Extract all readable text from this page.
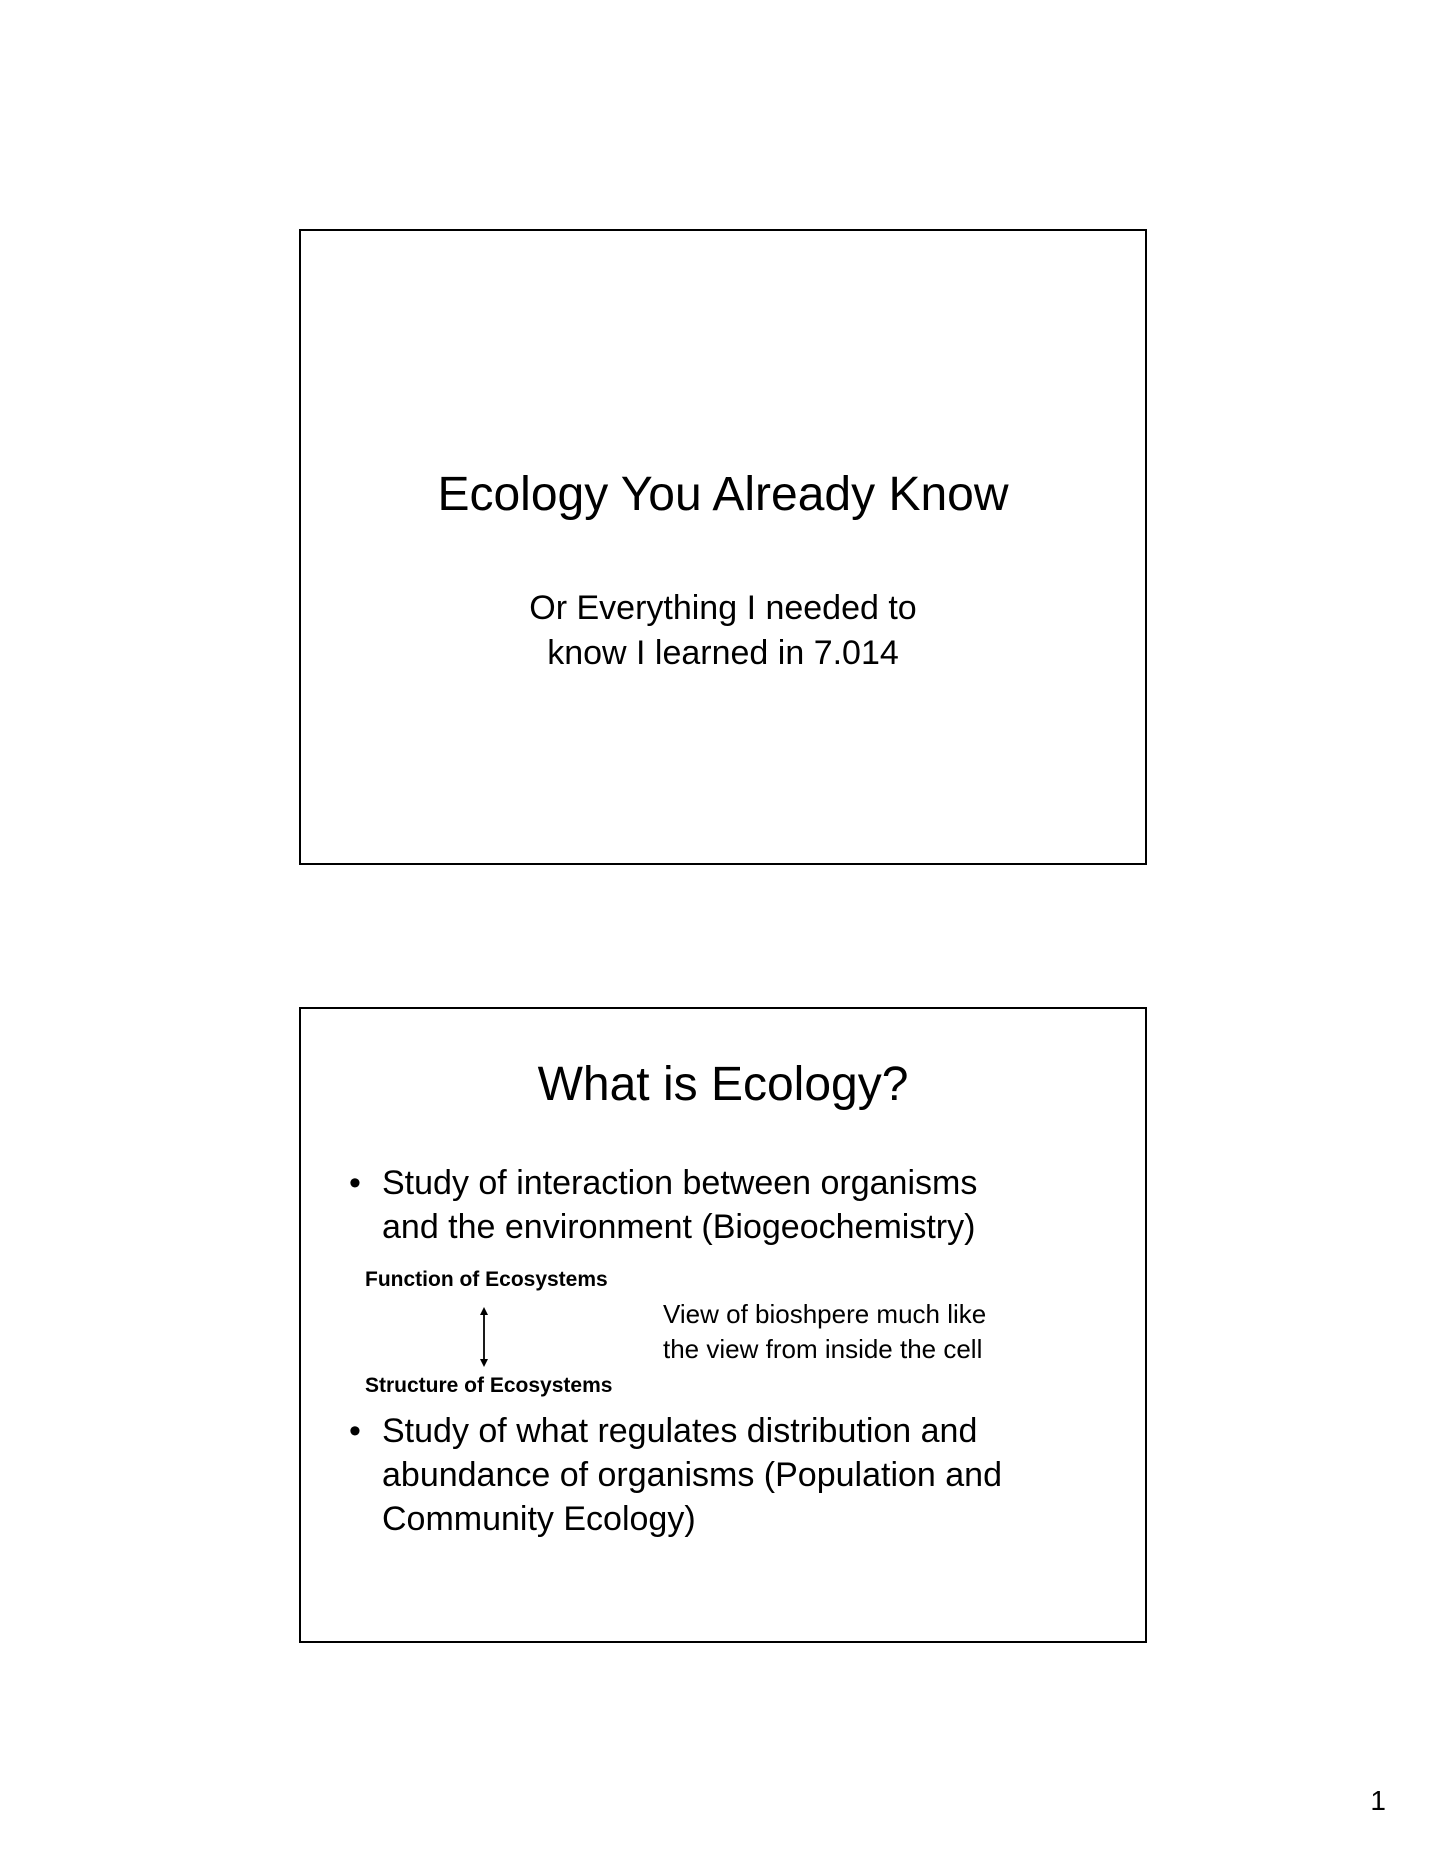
Ecology You Already Know
Or Everything I needed to
know I learned in 7.014
What is Ecology?
• Study of interaction between organisms
and the environment (Biogeochemistry)
Function of Ecosystems
Structure of Ecosystems
View of bioshpere much like
the view from inside the cell
• Study of what regulates distribution and
abundance of organisms (Population and
Community Ecology)
1
